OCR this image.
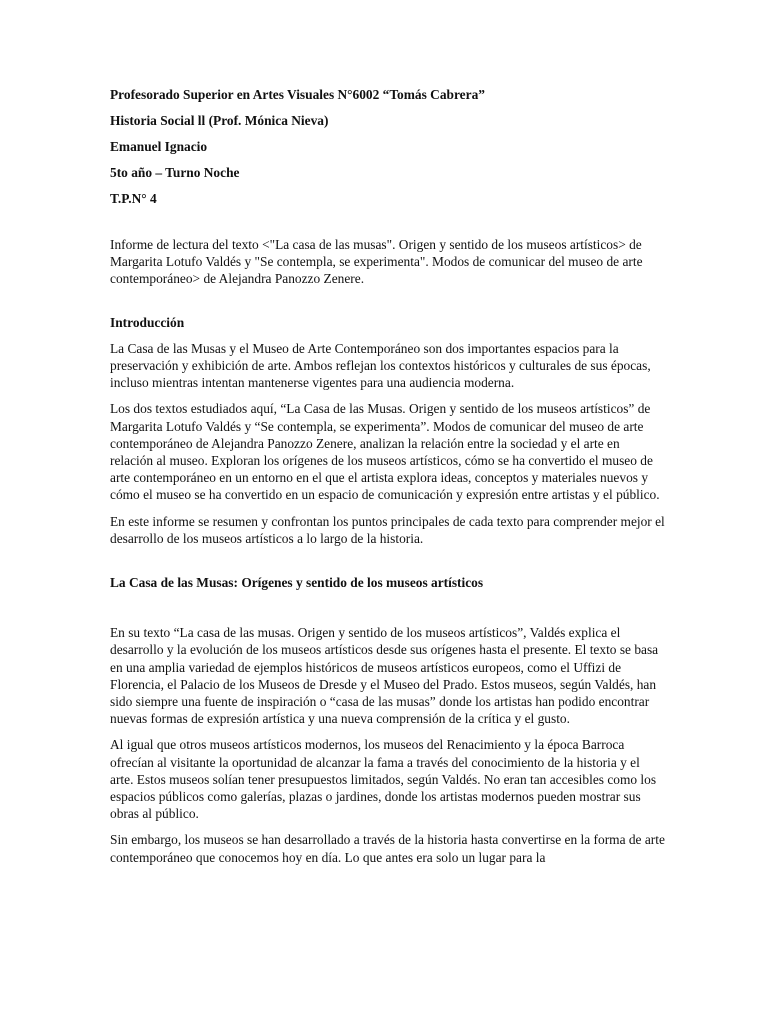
Profesorado Superior en Artes Visuales N°6002 “Tomás Cabrera”
Historia Social ll (Prof. Mónica Nieva)
Emanuel Ignacio
5to año – Turno Noche
T.P.N° 4

Informe de lectura del texto <"La casa de las musas". Origen y sentido de los museos artísticos> de Margarita Lotufo Valdés y "Se contempla, se experimenta". Modos de comunicar del museo de arte contemporáneo> de Alejandra Panozzo Zenere.

Introducción

La Casa de las Musas y el Museo de Arte Contemporáneo son dos importantes espacios para la preservación y exhibición de arte. Ambos reflejan los contextos históricos y culturales de sus épocas, incluso mientras intentan mantenerse vigentes para una audiencia moderna.

Los dos textos estudiados aquí, “La Casa de las Musas. Origen y sentido de los museos artísticos” de Margarita Lotufo Valdés y “Se contempla, se experimenta”. Modos de comunicar del museo de arte contemporáneo de Alejandra Panozzo Zenere, analizan la relación entre la sociedad y el arte en relación al museo. Exploran los orígenes de los museos artísticos, cómo se ha convertido el museo de arte contemporáneo en un entorno en el que el artista explora ideas, conceptos y materiales nuevos y cómo el museo se ha convertido en un espacio de comunicación y expresión entre artistas y el público.

En este informe se resumen y confrontan los puntos principales de cada texto para comprender mejor el desarrollo de los museos artísticos a lo largo de la historia.

La Casa de las Musas: Orígenes y sentido de los museos artísticos

En su texto “La casa de las musas. Origen y sentido de los museos artísticos”, Valdés explica el desarrollo y la evolución de los museos artísticos desde sus orígenes hasta el presente. El texto se basa en una amplia variedad de ejemplos históricos de museos artísticos europeos, como el Uffizi de Florencia, el Palacio de los Museos de Dresde y el Museo del Prado. Estos museos, según Valdés, han sido siempre una fuente de inspiración o “casa de las musas” donde los artistas han podido encontrar nuevas formas de expresión artística y una nueva comprensión de la crítica y el gusto.

Al igual que otros museos artísticos modernos, los museos del Renacimiento y la época Barroca ofrecían al visitante la oportunidad de alcanzar la fama a través del conocimiento de la historia y el arte. Estos museos solían tener presupuestos limitados, según Valdés. No eran tan accesibles como los espacios públicos como galerías, plazas o jardines, donde los artistas modernos pueden mostrar sus obras al público.

Sin embargo, los museos se han desarrollado a través de la historia hasta convertirse en la forma de arte contemporáneo que conocemos hoy en día. Lo que antes era solo un lugar para la
